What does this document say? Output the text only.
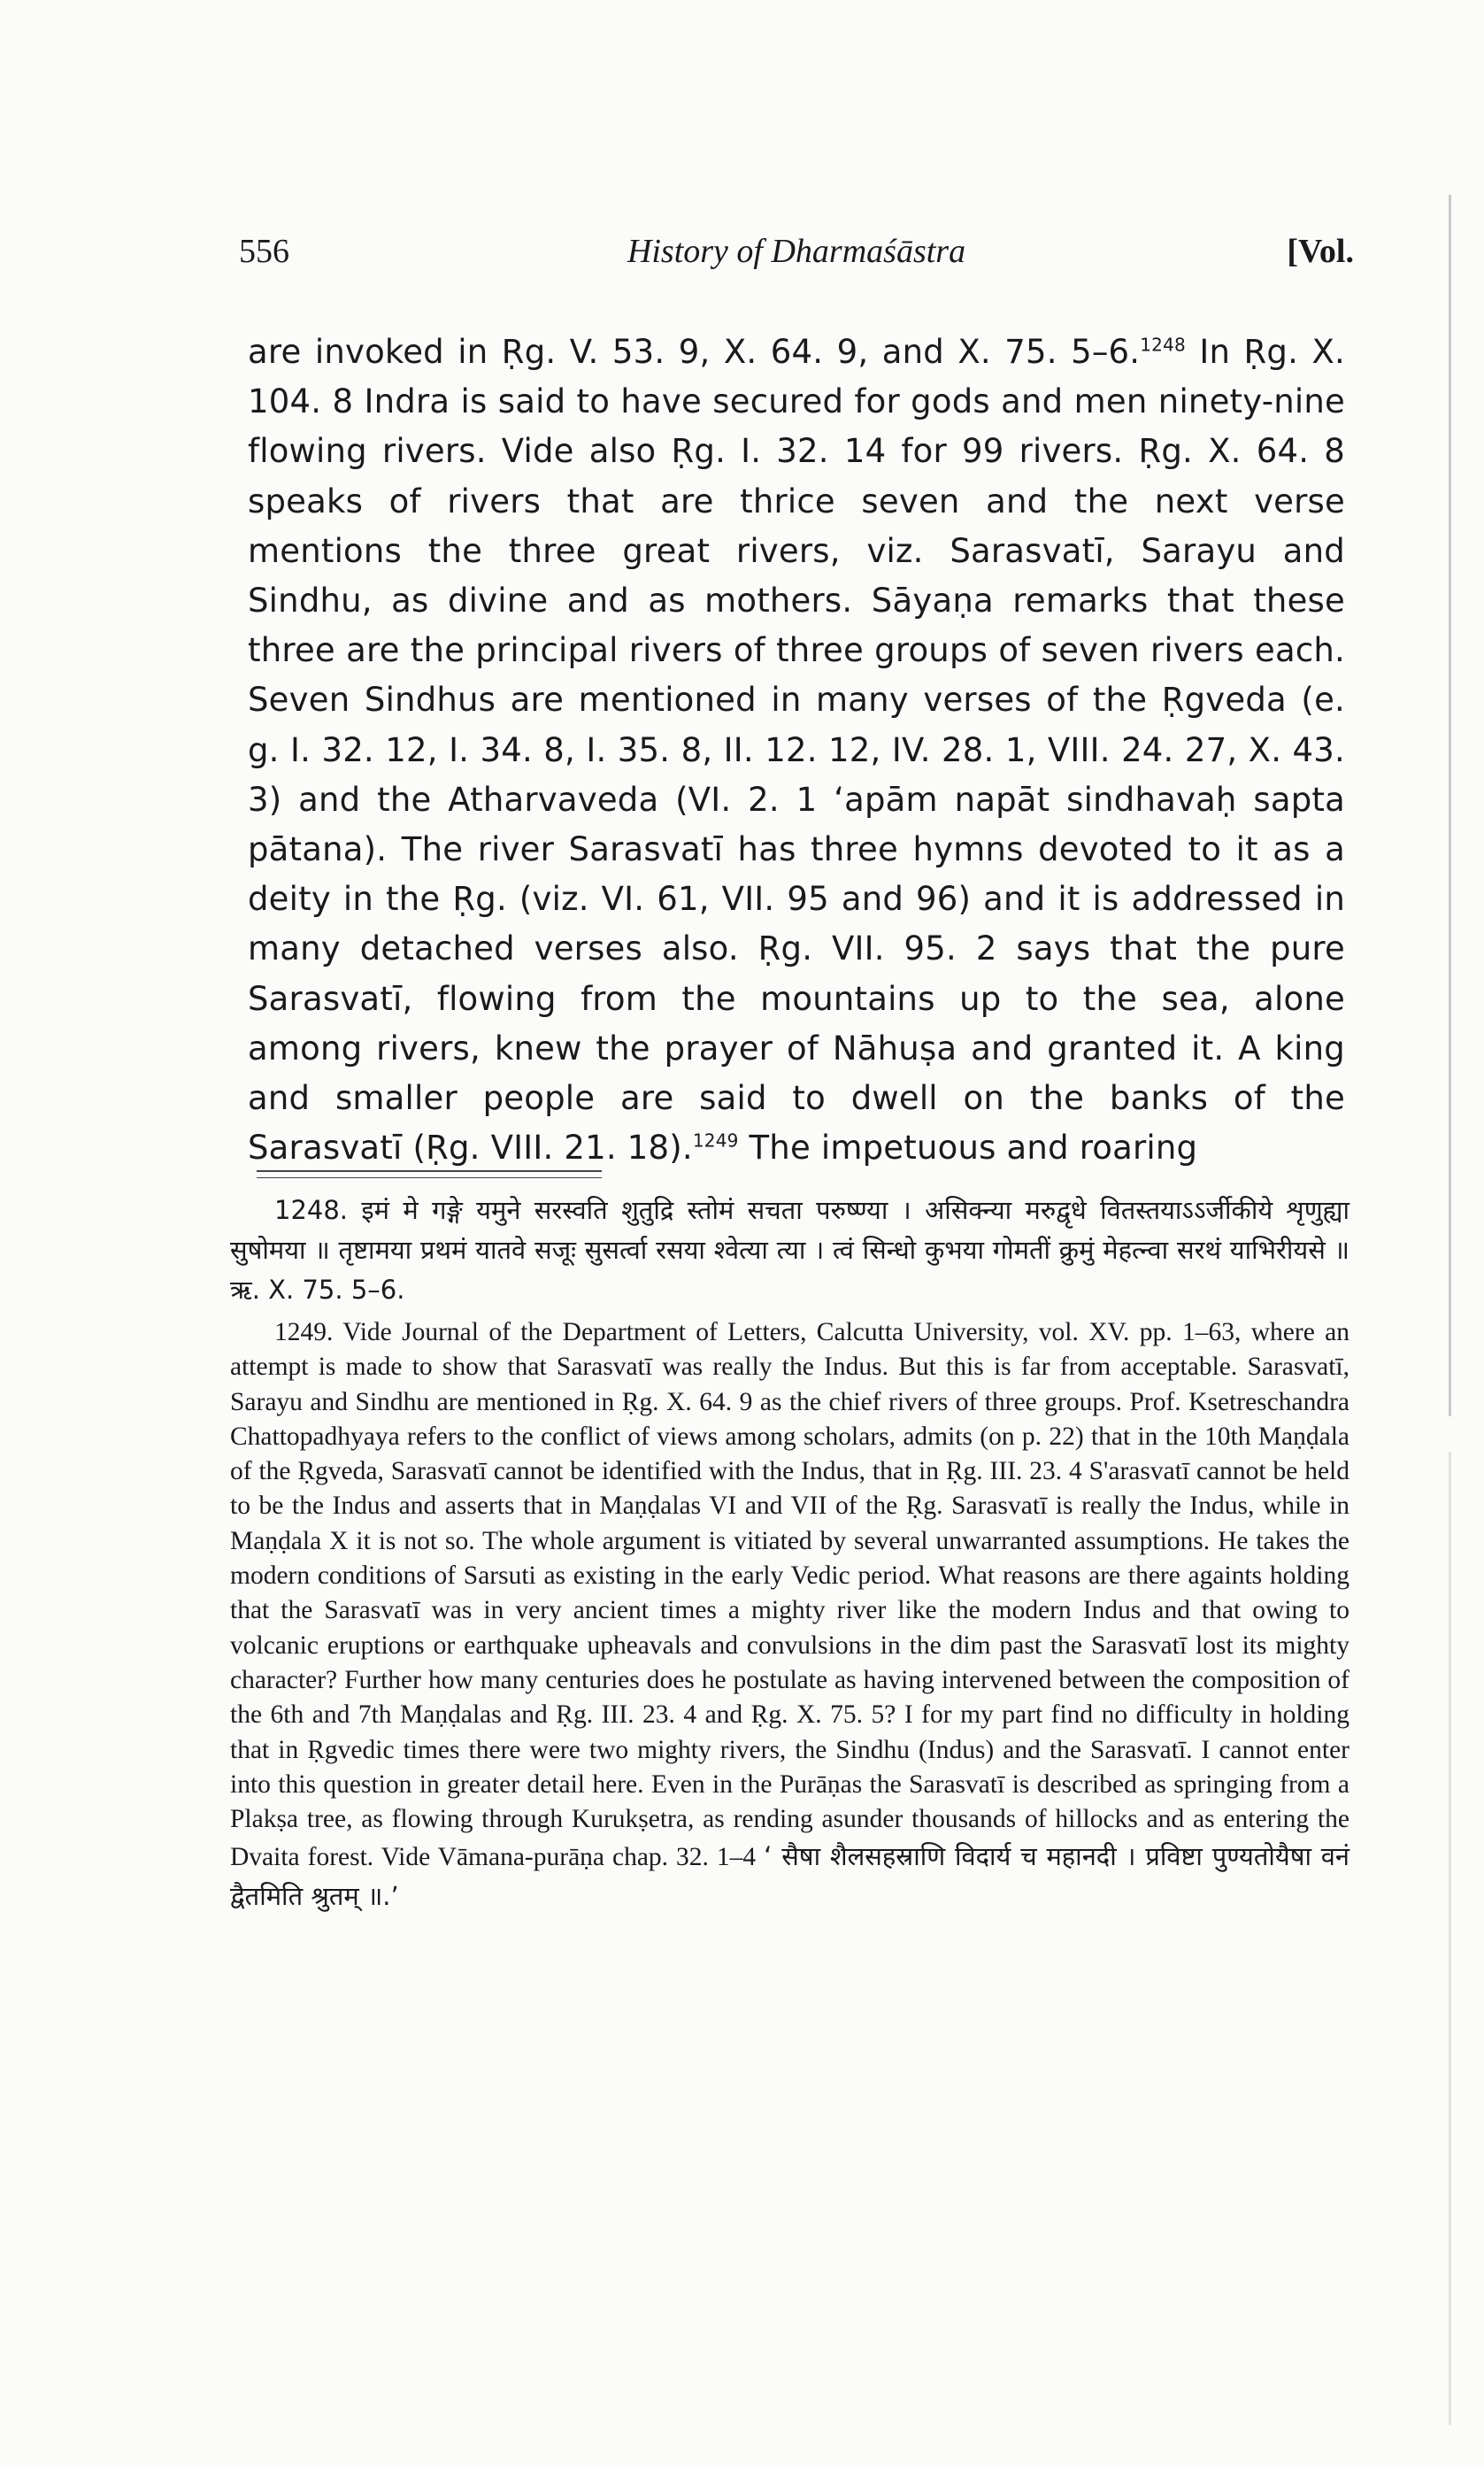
556	History of Dharmaśāstra	[Vol.

are invoked in Ṛg. V. 53. 9, X. 64. 9, and X. 75. 5–6.$^{1248}$ In Ṛg. X. 104. 8 Indra is said to have secured for gods and men ninety-nine flowing rivers. Vide also Ṛg. I. 32. 14 for 99 rivers. Ṛg. X. 64. 8 speaks of rivers that are thrice seven and the next verse mentions the three great rivers, viz. Sarasvatī, Sarayu and Sindhu, as divine and as mothers. Sāyaṇa remarks that these three are the principal rivers of three groups of seven rivers each. Seven Sindhus are mentioned in many verses of the Ṛgveda (e. g. I. 32. 12, I. 34. 8, I. 35. 8, II. 12. 12, IV. 28. 1, VIII. 24. 27, X. 43. 3) and the Atharvaveda (VI. 2. 1 ‘apām napāt sindhavaḥ sapta pātana). The river Sarasvatī has three hymns devoted to it as a deity in the Ṛg. (viz. VI. 61, VII. 95 and 96) and it is addressed in many detached verses also. Ṛg. VII. 95. 2 says that the pure Sarasvatī, flowing from the mountains up to the sea, alone among rivers, knew the prayer of Nāhuṣa and granted it. A king and smaller people are said to dwell on the banks of the Sarasvatī (Ṛg. VIII. 21. 18).$^{1249}$ The impetuous and roaring

1248. इमं मे गङ्गे यमुने सरस्वति शुतुद्रि स्तोमं सचता परुष्ण्या । असिक्न्या मरुद्वृधे वितस्तयाऽऽर्जीकीये शृणुह्या सुषोमया ॥ तृष्टामया प्रथमं यातवे सजूः सुसर्त्वा रसया श्वेत्या त्या । त्वं सिन्धो कुभया गोमतीं क्रुमुं मेहत्न्वा सरथं याभिरीयसे ॥ ऋ. X. 75. 5–6.

1249. Vide Journal of the Department of Letters, Calcutta University, vol. XV. pp. 1–63, where an attempt is made to show that Sarasvatī was really the Indus. But this is far from acceptable. Sarasvatī, Sarayu and Sindhu are mentioned in Ṛg. X. 64. 9 as the chief rivers of three groups. Prof. Ksetreschandra Chattopadhyaya refers to the conflict of views among scholars, admits (on p. 22) that in the 10th Maṇḍala of the Ṛgveda, Sarasvatī cannot be identified with the Indus, that in Ṛg. III. 23. 4 S'arasvatī cannot be held to be the Indus and asserts that in Maṇḍalas VI and VII of the Ṛg. Sarasvatī is really the Indus, while in Maṇḍala X it is not so. The whole argument is vitiated by several unwarranted assumptions. He takes the modern conditions of Sarsuti as existing in the early Vedic period. What reasons are there againts holding that the Sarasvatī was in very ancient times a mighty river like the modern Indus and that owing to volcanic eruptions or earthquake upheavals and convulsions in the dim past the Sarasvatī lost its mighty character? Further how many centuries does he postulate as having intervened between the composition of the 6th and 7th Maṇḍalas and Ṛg. III. 23. 4 and Ṛg. X. 75. 5? I for my part find no difficulty in holding that in Ṛgvedic times there were two mighty rivers, the Sindhu (Indus) and the Sarasvatī. I cannot enter into this question in greater detail here. Even in the Purāṇas the Sarasvatī is described as springing from a Plakṣa tree, as flowing through Kurukṣetra, as rending asunder thousands of hillocks and as entering the Dvaita forest. Vide Vāmana-purāṇa chap. 32. 1–4 ‘ सैषा शैलसहस्राणि विदार्य च महानदी । प्रविष्टा पुण्यतोयैषा वनं द्वैतमिति श्रुतम् ॥.’
